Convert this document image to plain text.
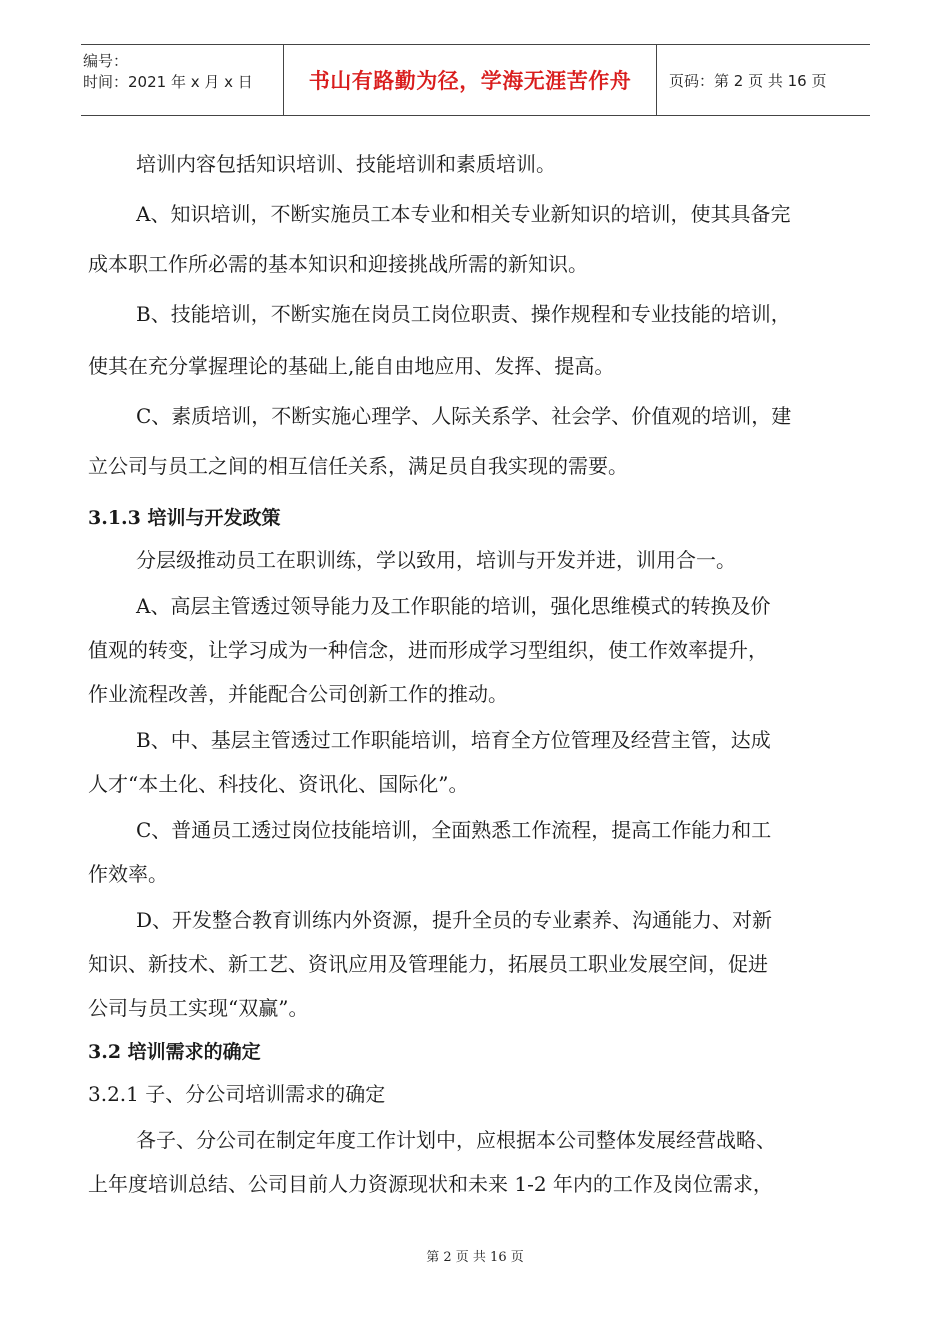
编号：
时间：2021 年 x 月 x 日	书山有路勤为径，学海无涯苦作舟	页码：第 2 页 共 16 页
培训内容包括知识培训、技能培训和素质培训。
A、知识培训，不断实施员工本专业和相关专业新知识的培训，使其具备完
成本职工作所必需的基本知识和迎接挑战所需的新知识。
B、技能培训，不断实施在岗员工岗位职责、操作规程和专业技能的培训，
使其在充分掌握理论的基础上,能自由地应用、发挥、提高。
C、素质培训，不断实施心理学、人际关系学、社会学、价值观的培训，建
立公司与员工之间的相互信任关系，满足员自我实现的需要。
3.1.3 培训与开发政策
分层级推动员工在职训练，学以致用，培训与开发并进，训用合一。
A、高层主管透过领导能力及工作职能的培训，强化思维模式的转换及价
值观的转变，让学习成为一种信念，进而形成学习型组织，使工作效率提升，
作业流程改善，并能配合公司创新工作的推动。
B、中、基层主管透过工作职能培训，培育全方位管理及经营主管，达成
人才“本土化、科技化、资讯化、国际化”。
C、普通员工透过岗位技能培训，全面熟悉工作流程，提高工作能力和工
作效率。
D、开发整合教育训练内外资源，提升全员的专业素养、沟通能力、对新
知识、新技术、新工艺、资讯应用及管理能力，拓展员工职业发展空间，促进
公司与员工实现“双赢”。
3.2 培训需求的确定
3.2.1 子、分公司培训需求的确定
各子、分公司在制定年度工作计划中，应根据本公司整体发展经营战略、
上年度培训总结、公司目前人力资源现状和未来 1-2 年内的工作及岗位需求，
第 2 页 共 16 页
